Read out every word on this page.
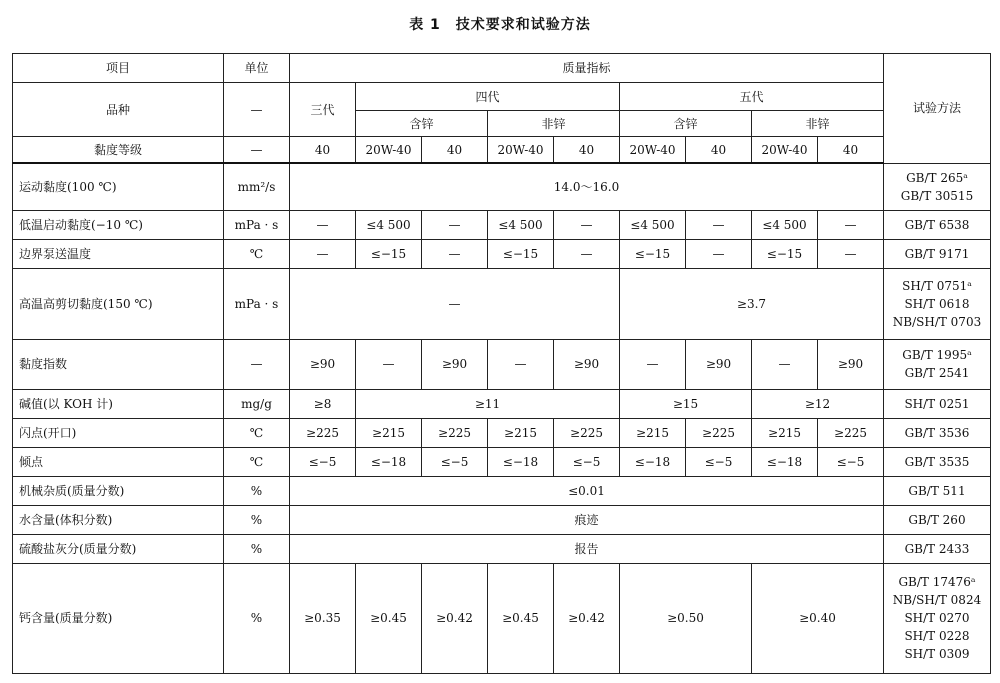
表 1　技术要求和试验方法
项目	单位	质量指标									试验方法
品种	—	三代	四代				五代				
			含锌		非锌		含锌		非锌		
黏度等级	—	40	20W-40	40	20W-40	40	20W-40	40	20W-40	40	
运动黏度(100 ℃)	mm²/s	14.0～16.0									GB/T 265ᵃ
GB/T 30515

低温启动黏度(−10 ℃)	mPa · s	—	≤4 500	—	≤4 500	—	≤4 500	—	≤4 500	—	GB/T 6538
边界泵送温度	℃	—	≤−15	—	≤−15	—	≤−15	—	≤−15	—	GB/T 9171
高温高剪切黏度(150 ℃)	mPa · s	—					≥3.7				SH/T 0751ᵃ
SH/T 0618
NB/SH/T 0703

黏度指数	—	≥90	—	≥90	—	≥90	—	≥90	—	≥90	GB/T 1995ᵃ
GB/T 2541

碱值(以 KOH 计)	mg/g	≥8	≥11				≥15		≥12		SH/T 0251
闪点(开口)	℃	≥225	≥215	≥225	≥215	≥225	≥215	≥225	≥215	≥225	GB/T 3536
倾点	℃	≤−5	≤−18	≤−5	≤−18	≤−5	≤−18	≤−5	≤−18	≤−5	GB/T 3535
机械杂质(质量分数)	%	≤0.01									GB/T 511
水含量(体积分数)	%	痕迹									GB/T 260
硫酸盐灰分(质量分数)	%	报告									GB/T 2433
钙含量(质量分数)	%	≥0.35	≥0.45	≥0.42	≥0.45	≥0.42	≥0.50		≥0.40		GB/T 17476ᵃ
NB/SH/T 0824
SH/T 0270
SH/T 0228
SH/T 0309
